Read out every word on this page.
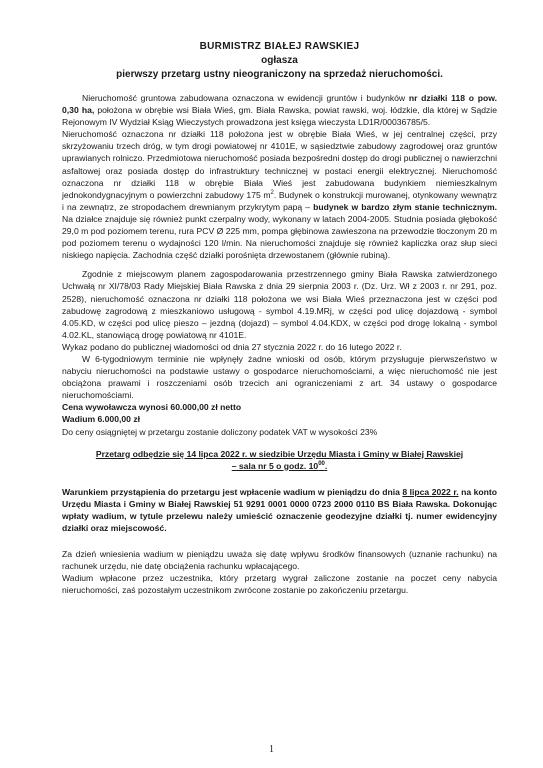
BURMISTRZ BIAŁEJ RAWSKIEJ
ogłasza
pierwszy przetarg ustny nieograniczony na sprzedaż nieruchomości.

Nieruchomość gruntowa zabudowana oznaczona w ewidencji gruntów i budynków nr działki 118 o pow. 0,30 ha, położona w obrębie wsi Biała Wieś, gm. Biała Rawska, powiat rawski, woj. łódzkie, dla której w Sądzie Rejonowym IV Wydział Ksiąg Wieczystych prowadzona jest księga wieczysta LD1R/00036785/5.

Nieruchomość oznaczona nr działki 118 położona jest w obrębie Biała Wieś, w jej centralnej części, przy skrzyżowaniu trzech dróg, w tym drogi powiatowej nr 4101E, w sąsiedztwie zabudowy zagrodowej oraz gruntów uprawianych rolniczo. Przedmiotowa nieruchomość posiada bezpośredni dostęp do drogi publicznej o nawierzchni asfaltowej oraz posiada dostęp do infrastruktury technicznej w postaci energii elektrycznej. Nieruchomość oznaczona nr działki 118 w obrębie Biała Wieś jest zabudowana budynkiem niemieszkalnym jednokondygnacyjnym o powierzchni zabudowy 175 $m^2$. Budynek o konstrukcji murowanej, otynkowany wewnątrz i na zewnątrz, ze stropodachem drewnianym przykrytym papą – budynek w bardzo złym stanie technicznym. Na działce znajduje się również punkt czerpalny wody, wykonany w latach 2004-2005. Studnia posiada głębokość 29,0 m pod poziomem terenu, rura PCV Ø 225 mm, pompa głębinowa zawieszona na przewodzie tłoczonym 20 m pod poziomem terenu o wydajności 120 l/min. Na nieruchomości znajduje się również kapliczka oraz słup sieci niskiego napięcia. Zachodnia część działki porośnięta drzewostanem (głównie rubiną).

Zgodnie z miejscowym planem zagospodarowania przestrzennego gminy Biała Rawska zatwierdzonego Uchwałą nr XI/78/03 Rady Miejskiej Biała Rawska z dnia 29 sierpnia 2003 r. (Dz. Urz. Wł z 2003 r. nr 291, poz. 2528), nieruchomość oznaczona nr działki 118 położona we wsi Biała Wieś przeznaczona jest w części pod zabudowę zagrodową z mieszkaniowo usługową - symbol 4.19.MRj, w części pod ulicę dojazdową - symbol 4.05.KD, w części pod ulicę pieszo – jezdną (dojazd) – symbol 4.04.KDX, w części pod drogę lokalną - symbol 4.02.KL, stanowiącą drogę powiatową nr 4101E.

Wykaz podano do publicznej wiadomości od dnia 27 stycznia 2022 r. do 16 lutego 2022 r.

W 6-tygodniowym terminie nie wpłynęły żadne wnioski od osób, którym przysługuje pierwszeństwo w nabyciu nieruchomości na podstawie ustawy o gospodarce nieruchomościami, a więc nieruchomość nie jest obciążona prawami i roszczeniami osób trzecich ani ograniczeniami z art. 34 ustawy o gospodarce nieruchomościami.

Cena wywoławcza wynosi 60.000,00 zł netto

Wadium 6.000,00 zł

Do ceny osiągniętej w przetargu zostanie doliczony podatek VAT w wysokości 23%

Przetarg odbędzie się 14 lipca 2022 r. w siedzibie Urzędu Miasta i Gminy w Białej Rawskiej

– sala nr 5 o godz. $10^{00}$.

Warunkiem przystąpienia do przetargu jest wpłacenie wadium w pieniądzu do dnia 8 lipca 2022 r. na konto Urzędu Miasta i Gminy w Białej Rawskiej 51 9291 0001 0000 0723 2000 0110 BS Biała Rawska. Dokonując wpłaty wadium, w tytule przelewu należy umieścić oznaczenie geodezyjne działki tj. numer ewidencyjny działki oraz miejscowość.

Za dzień wniesienia wadium w pieniądzu uważa się datę wpływu środków finansowych (uznanie rachunku) na rachunek urzędu, nie datę obciążenia rachunku wpłacającego.

Wadium wpłacone przez uczestnika, który przetarg wygrał zaliczone zostanie na poczet ceny nabycia nieruchomości, zaś pozostałym uczestnikom zwrócone zostanie po zakończeniu przetargu.

1
